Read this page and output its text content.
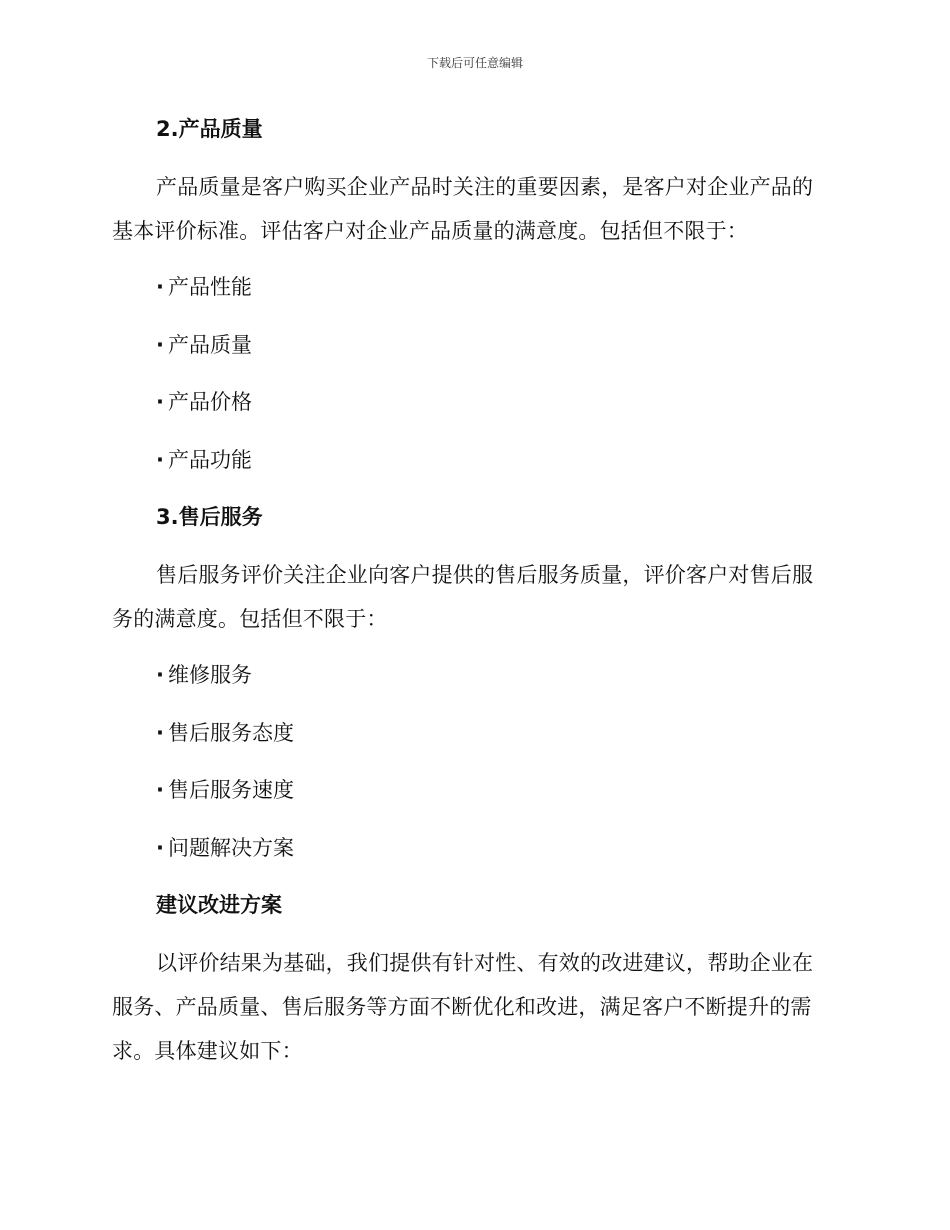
下载后可任意编辑
2.产品质量
产品质量是客户购买企业产品时关注的重要因素，是客户对企业产品的基本评价标准。评估客户对企业产品质量的满意度。包括但不限于：
· 产品性能
· 产品质量
· 产品价格
· 产品功能
3.售后服务
售后服务评价关注企业向客户提供的售后服务质量，评价客户对售后服务的满意度。包括但不限于：
· 维修服务
· 售后服务态度
· 售后服务速度
· 问题解决方案
建议改进方案
以评价结果为基础，我们提供有针对性、有效的改进建议，帮助企业在服务、产品质量、售后服务等方面不断优化和改进，满足客户不断提升的需求。具体建议如下：
